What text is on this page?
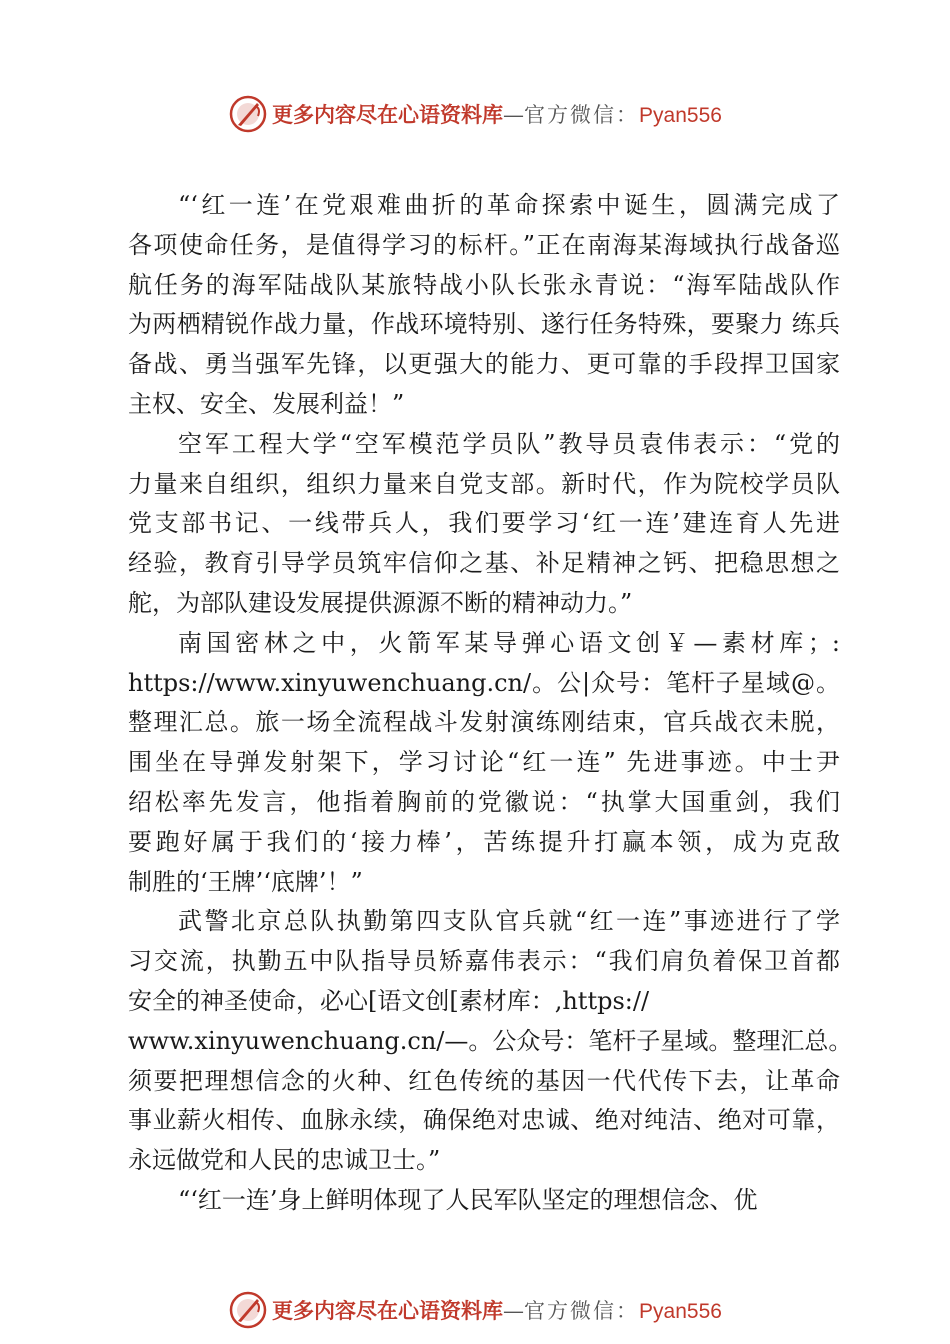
更多内容尽在心语资料库—官方微信：Pyan556
“‘红一连’在党艰难曲折的革命探索中诞生，圆满完成了
各项使命任务，是值得学习的标杆。”正在南海某海域执行战备巡
航任务的海军陆战队某旅特战小队长张永青说：“海军陆战队作
为两栖精锐作战力量，作战环境特别、遂行任务特殊，要聚力 练兵
备战、勇当强军先锋，以更强大的能力、更可靠的手段捍卫国家
主权、安全、发展利益！”
空军工程大学“空军模范学员队”教导员袁伟表示：“党的
力量来自组织，组织力量来自党支部。新时代，作为院校学员队
党支部书记、一线带兵人，我们要学习‘红一连’建连育人先进
经验，教育引导学员筑牢信仰之基、补足精神之钙、把稳思想之
舵，为部队建设发展提供源源不断的精神动力。”
南国密林之中，火箭军某导弹心语文创￥—素材库；:
https://www.xinyuwenchuang.cn/。公|众号：笔杆子星域@。
整理汇总。旅一场全流程战斗发射演练刚结束，官兵战衣未脱，
围坐在导弹发射架下，学习讨论“红一连” 先进事迹。中士尹
绍松率先发言，他指着胸前的党徽说：“执掌大国重剑，我们
要跑好属于我们的‘接力棒’，苦练提升打赢本领，成为克敌
制胜的‘王牌’‘底牌’！”
武警北京总队执勤第四支队官兵就“红一连”事迹进行了学
习交流，执勤五中队指导员矫嘉伟表示：“我们肩负着保卫首都
安全的神圣使命，必心[语文创[素材库：,https://
www.xinyuwenchuang.cn/—。公众号：笔杆子星域。整理汇总。
须要把理想信念的火种、红色传统的基因一代代传下去，让革命
事业薪火相传、血脉永续，确保绝对忠诚、绝对纯洁、绝对可靠，
永远做党和人民的忠诚卫士。”
“‘红一连’身上鲜明体现了人民军队坚定的理想信念、优
更多内容尽在心语资料库—官方微信：Pyan556
